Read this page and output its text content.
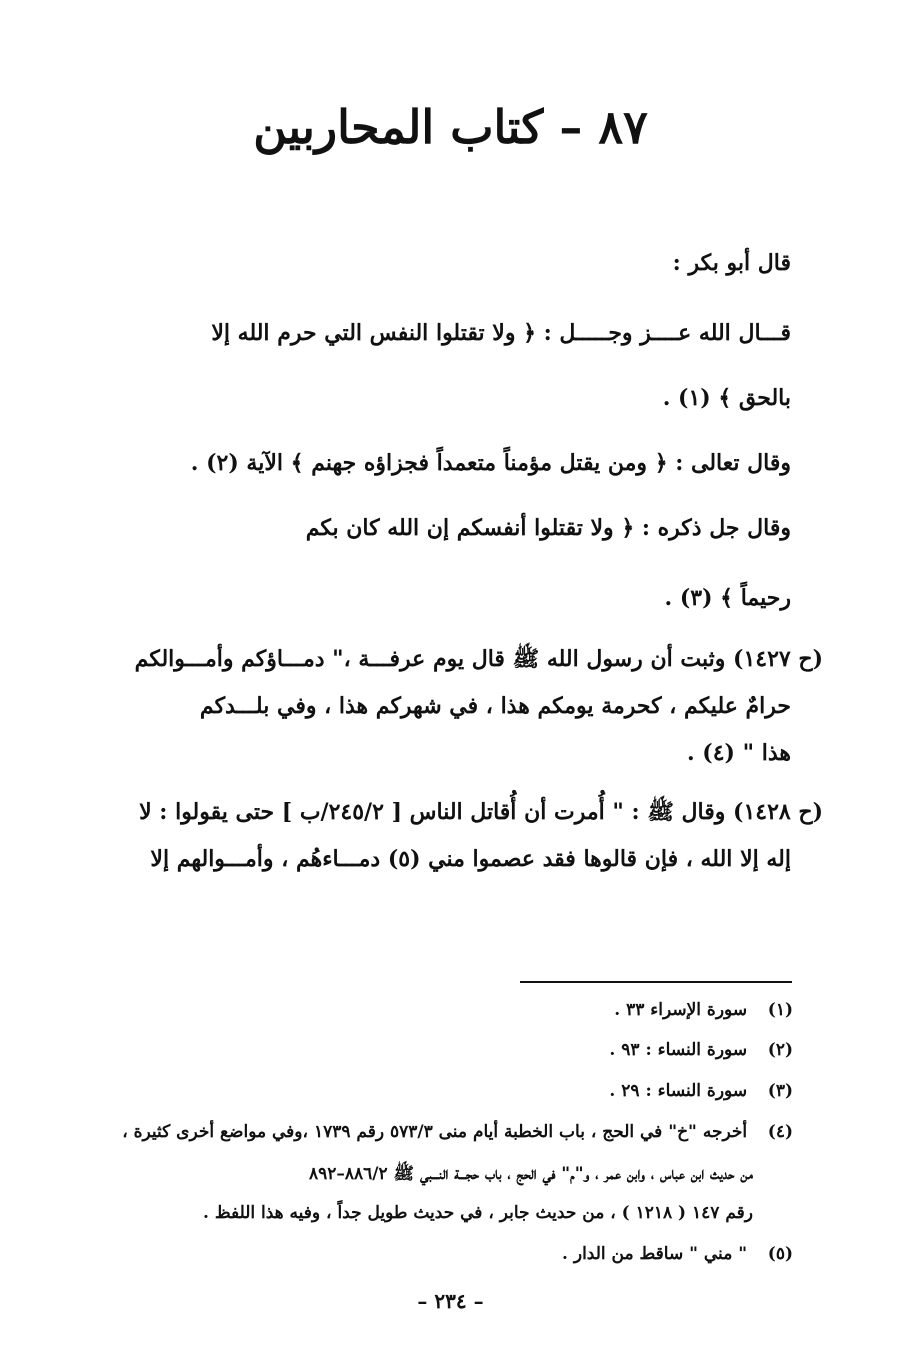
٨٧ – كتاب المحاربين
قال أبو بكر :
قـــال الله عــــز وجـــــل : ﴿ ولا تقتلوا النفس التي حرم الله إلا
بالحق ﴾ (١) .
وقال تعالى : ﴿ ومن يقتل مؤمناً متعمداً فجزاؤه جهنم ﴾ الآية (٢) .
وقال جل ذكره : ﴿ ولا تقتلوا أنفسكم إن الله كان بكم
رحيماً ﴾ (٣) .
(ح ١٤٢٧) وثبت أن رسول الله ﷺ قال يوم عرفـــة ،" دمـــاؤكم وأمـــوالكم
حرامٌ عليكم ، كحرمة يومكم هذا ، في شهركم هذا ، وفي بلـــدكم
هذا " (٤) .
(ح ١٤٢٨) وقال ﷺ : " أُمرت أن أُقاتل الناس [ ٢٤٥/٢/ب ] حتى يقولوا : لا
إله إلا الله ، فإن قالوها فقد عصموا مني (٥) دمـــاءهُم ، وأمـــوالهم إلا
(١) سورة الإسراء ٣٣ .
(٢) سورة النساء : ٩٣ .
(٣) سورة النساء : ٢٩ .
(٤) أخرجه "خ" في الحج ، باب الخطبة أيام منى ٥٧٣/٣ رقم ١٧٣٩ ،وفي مواضع أخرى كثيرة ،
من حديث ابن عباس ، وابن عمر ، و"م" في الحج ، باب حجـــة النـــبي ﷺ ٨٨٦/٢–٨٩٢
رقم ١٤٧ ( ١٢١٨ ) ، من حديث جابر ، في حديث طويل جداً ، وفيه هذا اللفظ .
(٥) " مني " ساقط من الدار .
– ٢٣٤ –
